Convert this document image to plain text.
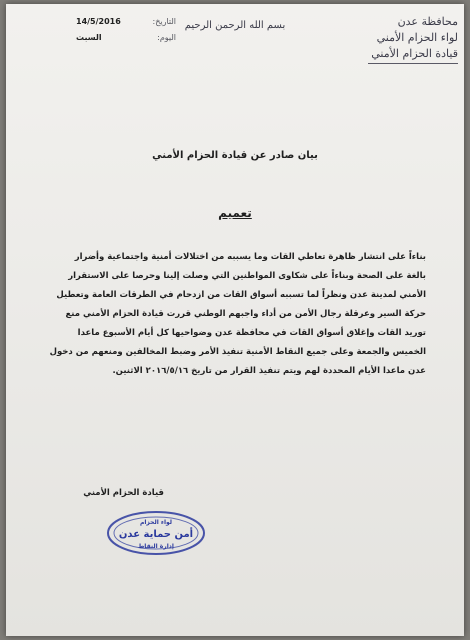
محافظة عدن
لواء الحزام الأمني
قيادة الحزام الأمني
بسم الله الرحمن الرحيم
التاريخ:
14/5/2016
اليوم:
السبت
بيان صادر عن قيادة الحزام الأمني
تعميم
بناءاً على انتشار ظاهرة تعاطي القات وما يسببه من اختلالات أمنية واجتماعية وأضرار
بالغة على الصحة وبناءاً على شكاوى المواطنين التي وصلت إلينا وحرصا على الاستقرار
الأمني لمدينة عدن ونظراً لما تسببه أسواق القات من ازدحام في الطرقات العامة وتعطيل
حركة السير وعرقلة رجال الأمن من أداء واجبهم الوطني قررت قيادة الحزام الأمني منع
توريد القات وإغلاق أسواق القات في محافظة عدن وضواحيها كل أيام الأسبوع ماعدا
الخميس والجمعة وعلى جميع النقاط الأمنية تنفيذ الأمر وضبط المخالفين ومنعهم من دخول
عدن ماعدا الأيام المحددة لهم ويتم تنفيذ القرار من تاريخ ٢٠١٦/٥/١٦ الاثنين.
قيادة الحزام الأمني
لواء الحزام
أمن حماية عدن
إدارة النقاط
